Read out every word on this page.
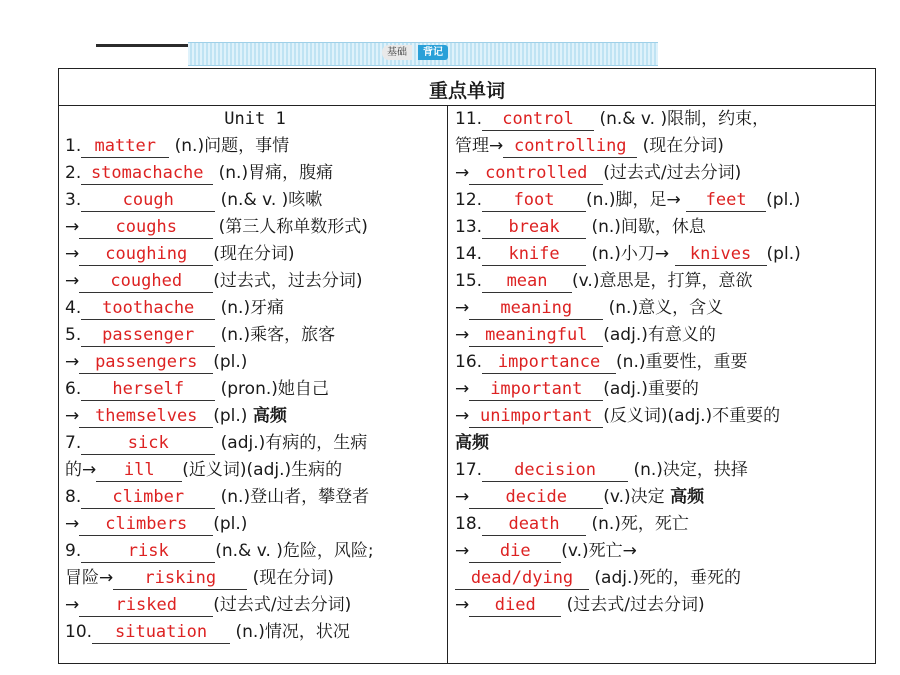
基础	背记
重点单词
Unit 1
1. matter (n.)问题，事情
2. stomachache (n.)胃痛，腹痛
3. cough (n.& v. )咳嗽
→ coughs (第三人称单数形式)
→ coughing (现在分词)
→ coughed (过去式，过去分词)
4. toothache (n.)牙痛
5. passenger (n.)乘客，旅客
→ passengers (pl.)
6. herself (pron.)她自己
→ themselves (pl.) 高频
7.	sick	(adj.)有病的，生病
的→ ill (近义词)(adj.)生病的
8. climber (n.)登山者，攀登者
→ climbers (pl.)
9.	risk	(n.& v. )危险，风险;
冒险→ risking (现在分词)
→ risked (过去式/过去分词)
10. situation (n.)情况，状况
11. control (n.& v. )限制，约束，
管理→ controlling (现在分词)
→ controlled (过去式/过去分词)
12. foot (n.)脚，足→ feet (pl.)
13. break (n.)间歇，休息
14. knife (n.)小刀→ knives (pl.)
15. mean (v.)意思是，打算，意欲
→ meaning (n.)意义，含义
→ meaningful (adj.)有意义的
16. importance (n.)重要性，重要
→ important (adj.)重要的
→ unimportant (反义词)(adj.)不重要的
高频
17. decision (n.)决定，抉择
→ decide (v.)决定 高频
18. death (n.)死，死亡
→ die (v.)死亡→
dead/dying (adj.)死的，垂死的
→ died (过去式/过去分词)
